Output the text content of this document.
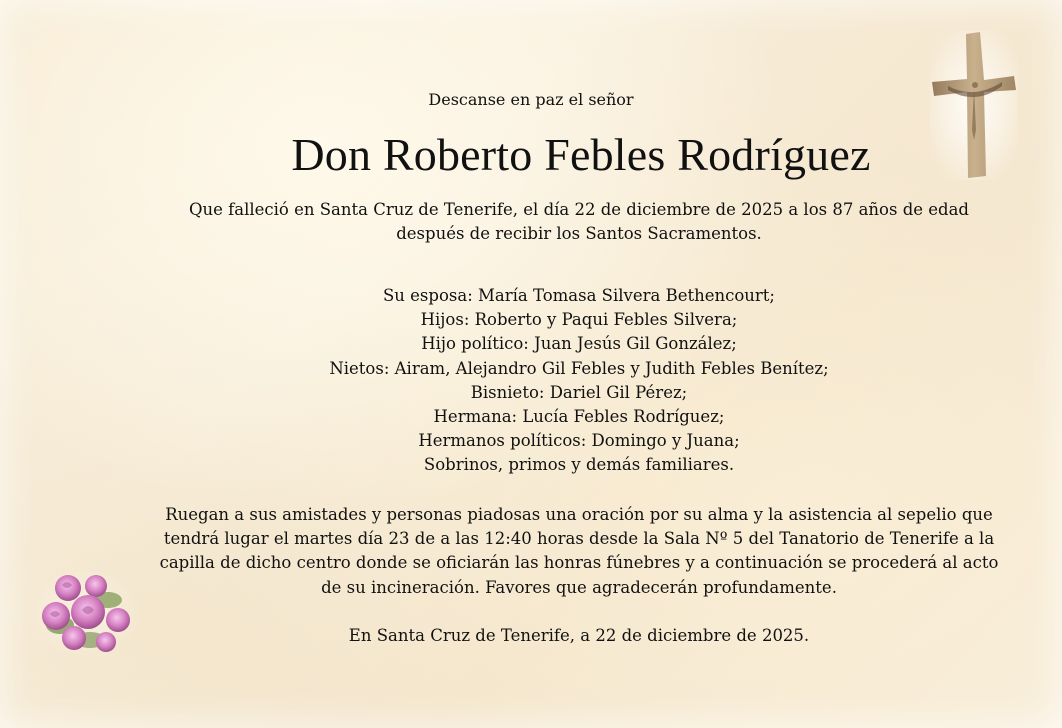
Descanse en paz el señor
Don Roberto Febles Rodríguez
Que falleció en Santa Cruz de Tenerife, el día 22 de diciembre de 2025 a los 87 años de edad
después de recibir los Santos Sacramentos.
Su esposa: María Tomasa Silvera Bethencourt;
Hijos: Roberto y Paqui Febles Silvera;
Hijo político: Juan Jesús Gil González;
Nietos: Airam, Alejandro Gil Febles y Judith Febles Benítez;
Bisnieto: Dariel Gil Pérez;
Hermana: Lucía Febles Rodríguez;
Hermanos políticos: Domingo y Juana;
Sobrinos, primos y demás familiares.
Ruegan a sus amistades y personas piadosas una oración por su alma y la asistencia al sepelio que
tendrá lugar el martes día 23 de a las 12:40 horas desde la Sala Nº 5 del Tanatorio de Tenerife a la
capilla de dicho centro donde se oficiarán las honras fúnebres y a continuación se procederá al acto
de su incineración. Favores que agradecerán profundamente.
En Santa Cruz de Tenerife, a 22 de diciembre de 2025.
